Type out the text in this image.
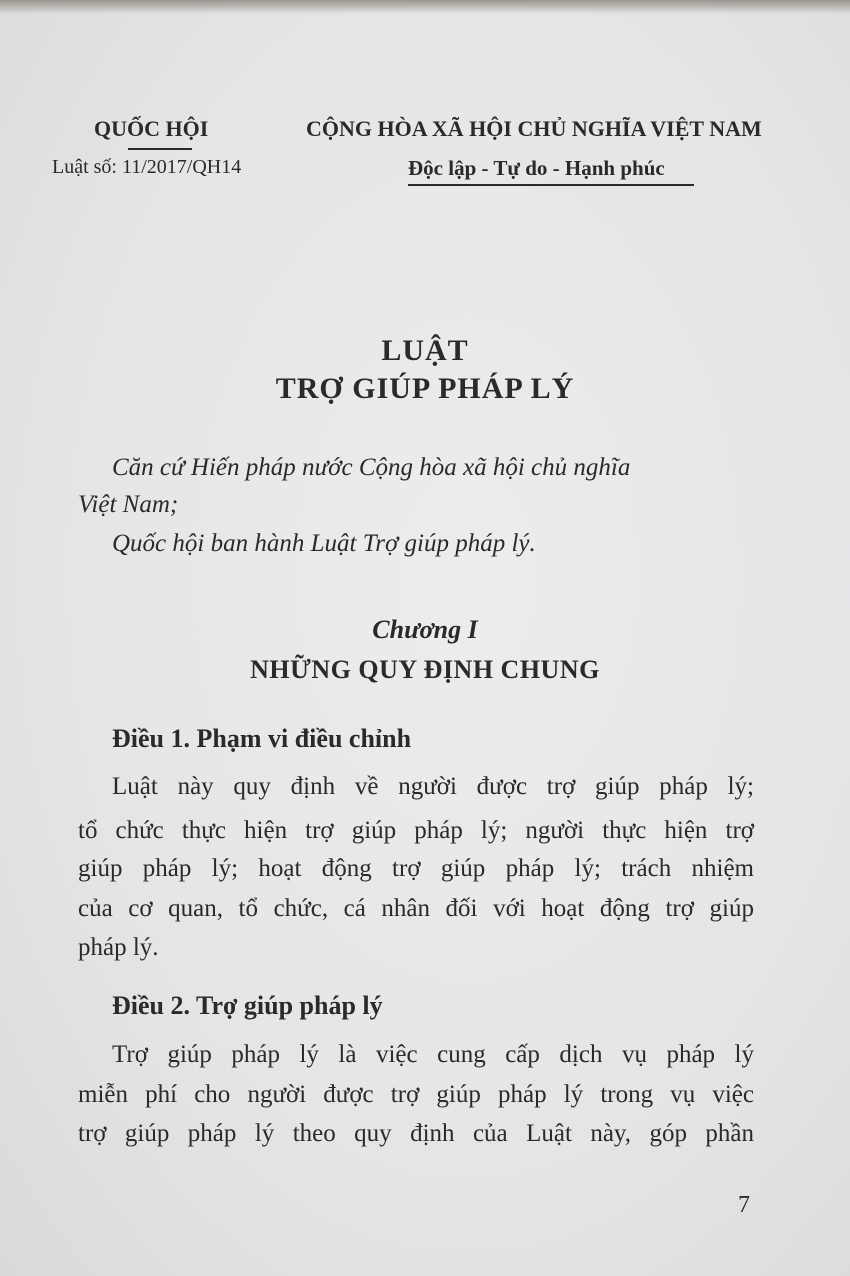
QUỐC HỘI
Luật số: 11/2017/QH14
CỘNG HÒA XÃ HỘI CHỦ NGHĨA VIỆT NAM
Độc lập - Tự do - Hạnh phúc
LUẬT
TRỢ GIÚP PHÁP LÝ
Căn cứ Hiến pháp nước Cộng hòa xã hội chủ nghĩa
Việt Nam;
Quốc hội ban hành Luật Trợ giúp pháp lý.
Chương I
NHỮNG QUY ĐỊNH CHUNG
Điều 1. Phạm vi điều chỉnh
Luật này quy định về người được trợ giúp pháp lý;
tổ chức thực hiện trợ giúp pháp lý; người thực hiện trợ
giúp pháp lý; hoạt động trợ giúp pháp lý; trách nhiệm
của cơ quan, tổ chức, cá nhân đối với hoạt động trợ giúp
pháp lý.
Điều 2. Trợ giúp pháp lý
Trợ giúp pháp lý là việc cung cấp dịch vụ pháp lý
miễn phí cho người được trợ giúp pháp lý trong vụ việc
trợ giúp pháp lý theo quy định của Luật này, góp phần
7
